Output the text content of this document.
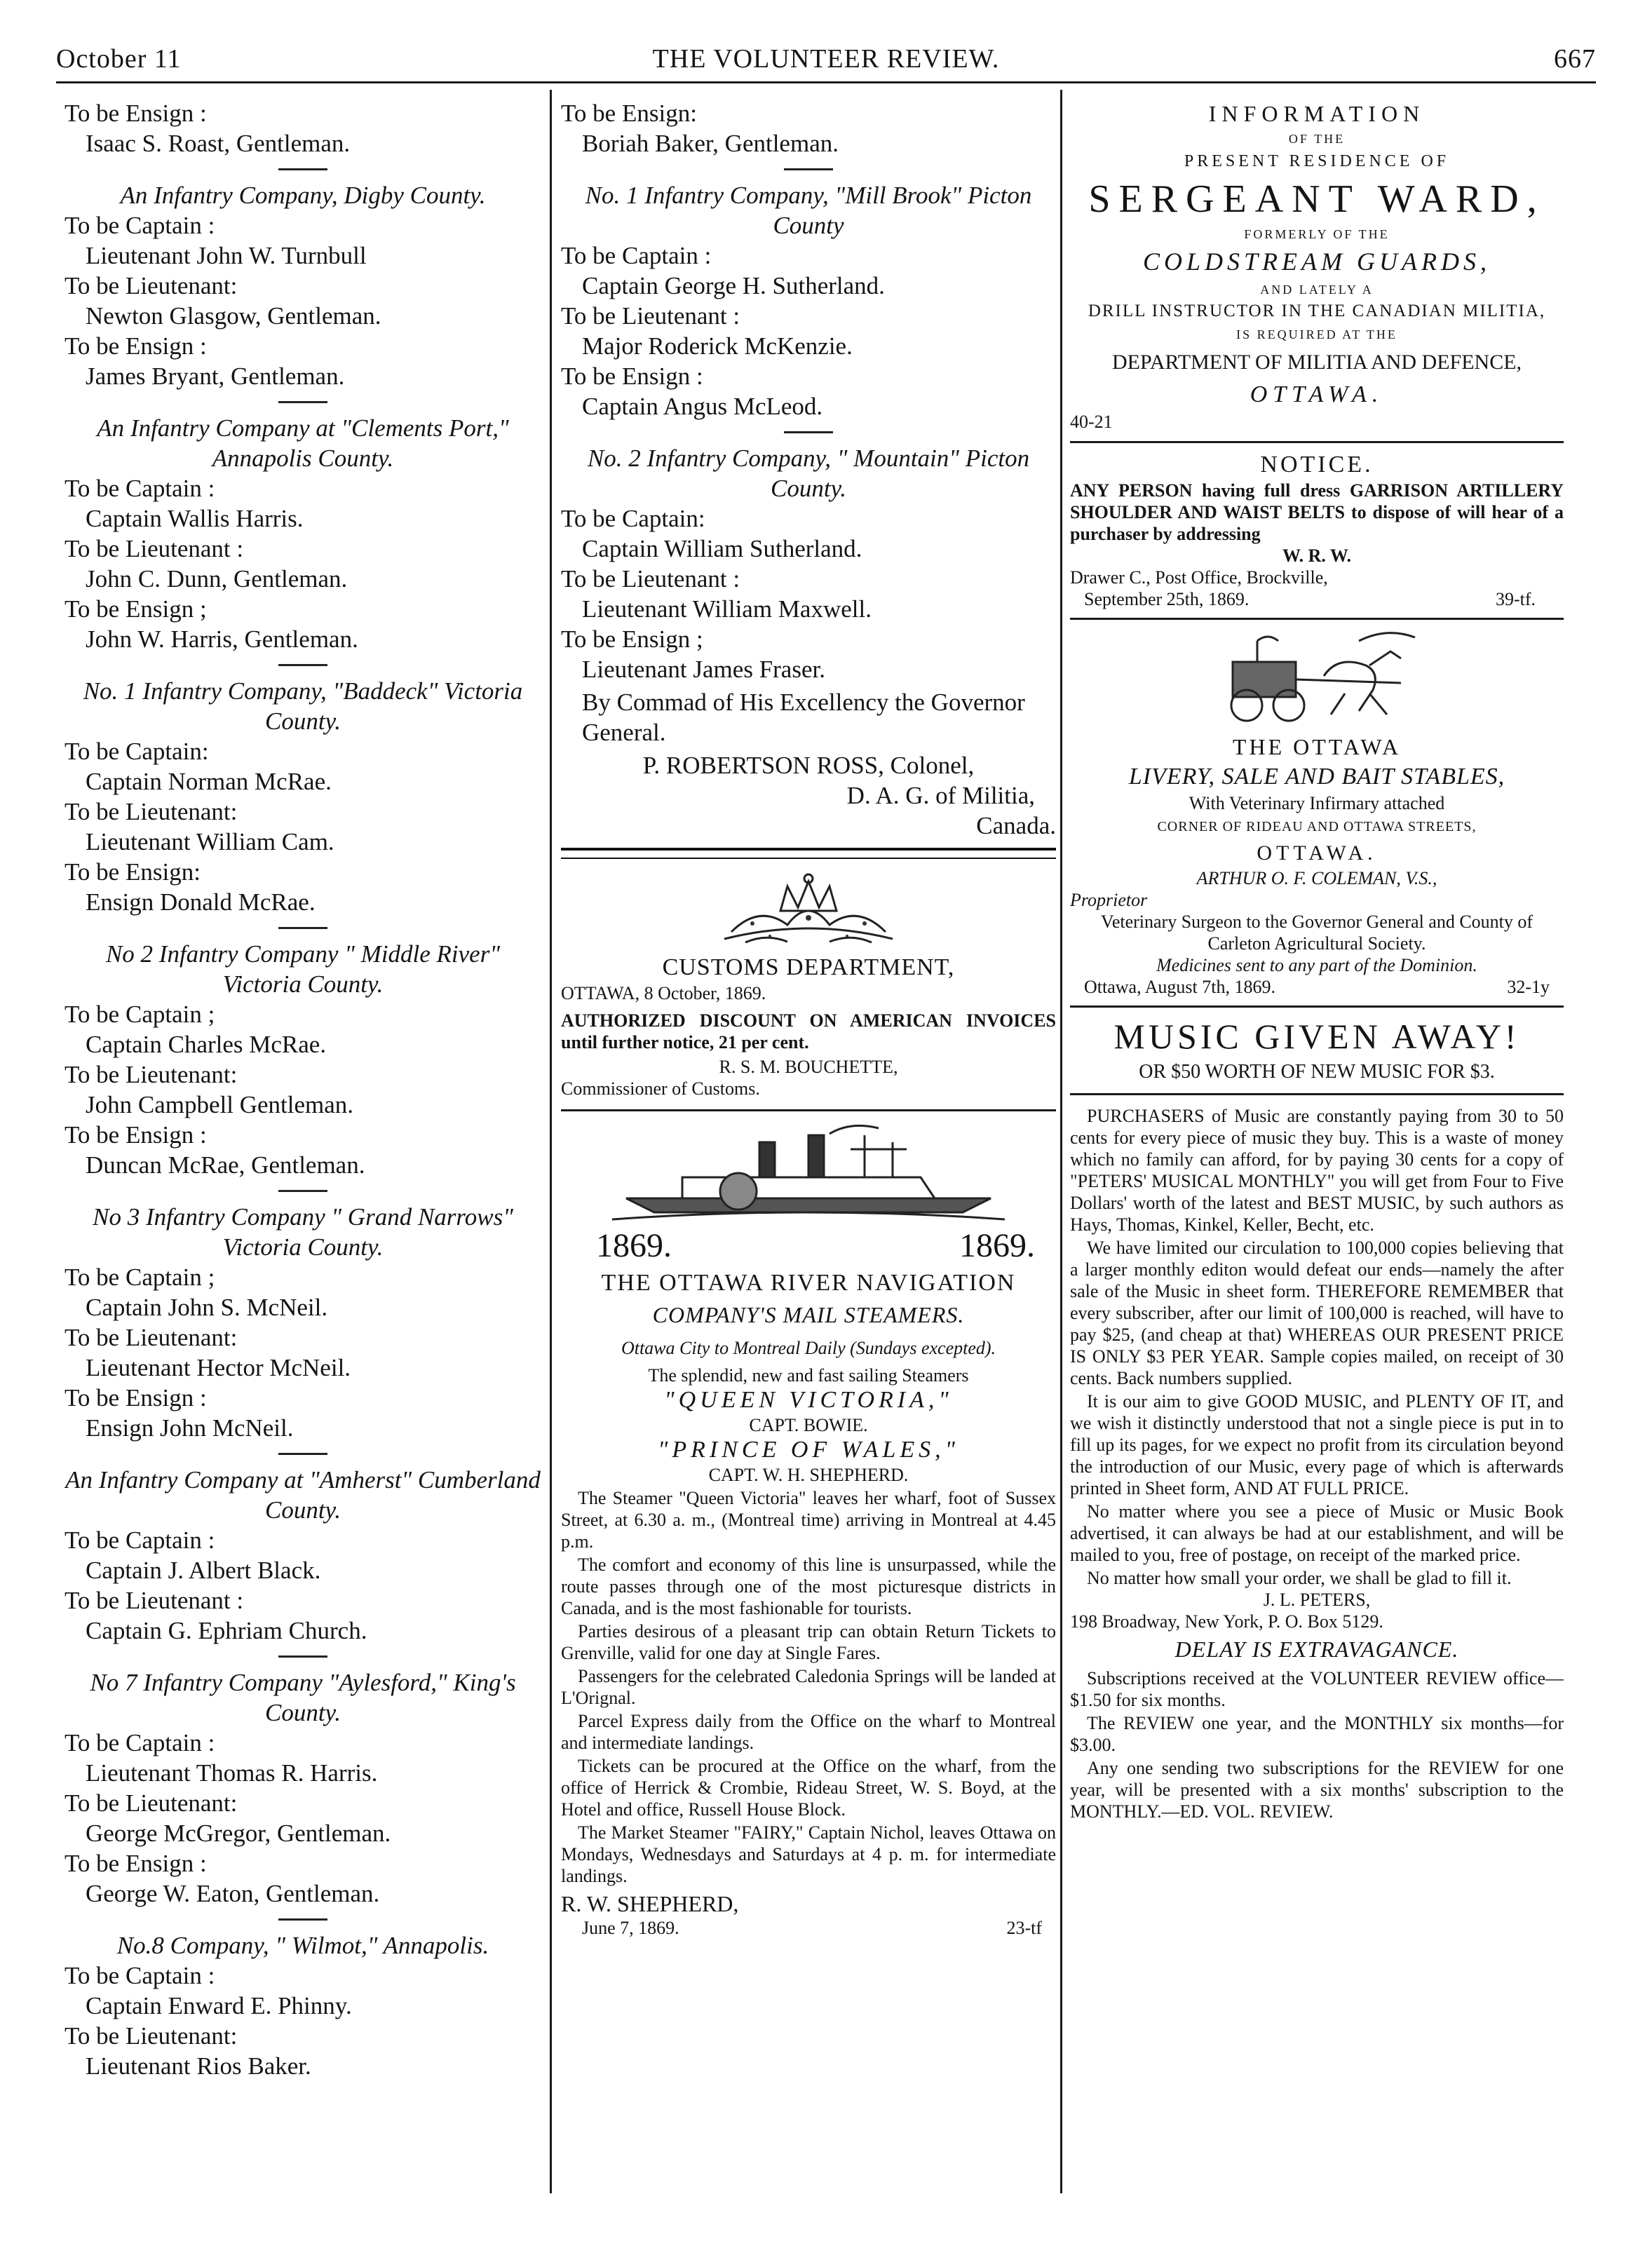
October 11	THE VOLUNTEER REVIEW.	667
To be Ensign :
Isaac S. Roast, Gentleman.
An Infantry Company, Digby County.
To be Captain :
Lieutenant John W. Turnbull
To be Lieutenant:
Newton Glasgow, Gentleman.
To be Ensign :
James Bryant, Gentleman.
An Infantry Company at "Clements Port," Annapolis County.
To be Captain :
Captain Wallis Harris.
To be Lieutenant :
John C. Dunn, Gentleman.
To be Ensign ;
John W. Harris, Gentleman.
No. 1 Infantry Company, "Baddeck" Victoria County.
To be Captain:
Captain Norman McRae.
To be Lieutenant:
Lieutenant William Cam.
To be Ensign:
Ensign Donald McRae.
No 2 Infantry Company " Middle River" Victoria County.
To be Captain ;
Captain Charles McRae.
To be Lieutenant:
John Campbell Gentleman.
To be Ensign :
Duncan McRae, Gentleman.
No 3 Infantry Company " Grand Narrows" Victoria County.
To be Captain ;
Captain John S. McNeil.
To be Lieutenant:
Lieutenant Hector McNeil.
To be Ensign :
Ensign John McNeil.
An Infantry Company at "Amherst" Cumberland County.
To be Captain :
Captain J. Albert Black.
To be Lieutenant :
Captain G. Ephriam Church.
No 7 Infantry Company "Aylesford," King's County.
To be Captain :
Lieutenant Thomas R. Harris.
To be Lieutenant:
George McGregor, Gentleman.
To be Ensign :
George W. Eaton, Gentleman.
No.8 Company, " Wilmot," Annapolis.
To be Captain :
Captain Enward E. Phinny.
To be Lieutenant:
Lieutenant Rios Baker.
To be Ensign:
Boriah Baker, Gentleman.
No. 1 Infantry Company, "Mill Brook" Picton County
To be Captain :
Captain George H. Sutherland.
To be Lieutenant :
Major Roderick McKenzie.
To be Ensign :
Captain Angus McLeod.
No. 2 Infantry Company, " Mountain" Picton County.
To be Captain:
Captain William Sutherland.
To be Lieutenant :
Lieutenant William Maxwell.
To be Ensign ;
Lieutenant James Fraser.
By Commad of His Excellency the Governor General.
P. ROBERTSON ROSS, Colonel,
D. A. G. of Militia,
Canada.
CUSTOMS DEPARTMENT,
OTTAWA, 8 October, 1869.
AUTHORIZED DISCOUNT ON AMERICAN INVOICES until further notice, 21 per cent.
R. S. M. BOUCHETTE,
Commissioner of Customs.
1869.	1869.
THE OTTAWA RIVER NAVIGATION
COMPANY'S MAIL STEAMERS.
Ottawa City to Montreal Daily (Sundays excepted).
The splendid, new and fast sailing Steamers
"QUEEN VICTORIA,"
CAPT. BOWIE.
"PRINCE OF WALES,"
CAPT. W. H. SHEPHERD.

The Steamer "Queen Victoria" leaves her wharf, foot of Sussex Street, at 6.30 a. m., (Montreal time) arriving in Montreal at 4.45 p.m.

The comfort and economy of this line is unsurpassed, while the route passes through one of the most picturesque districts in Canada, and is the most fashionable for tourists.

Parties desirous of a pleasant trip can obtain Return Tickets to Grenville, valid for one day at Single Fares.

Passengers for the celebrated Caledonia Springs will be landed at L'Orignal.

Parcel Express daily from the Office on the wharf to Montreal and intermediate landings.

Tickets can be procured at the Office on the wharf, from the office of Herrick & Crombie, Rideau Street, W. S. Boyd, at the Hotel and office, Russell House Block.

The Market Steamer "FAIRY," Captain Nichol, leaves Ottawa on Mondays, Wednesdays and Saturdays at 4 p. m. for intermediate landings.

R. W. SHEPHERD,
June 7, 1869.	23-tf
INFORMATION
OF THE
PRESENT RESIDENCE OF
SERGEANT WARD,
FORMERLY OF THE
COLDSTREAM GUARDS,
AND LATELY A
DRILL INSTRUCTOR IN THE CANADIAN MILITIA,
IS REQUIRED AT THE
DEPARTMENT OF MILITIA AND DEFENCE,
OTTAWA.
40-21
NOTICE.
ANY PERSON having full dress GARRISON ARTILLERY SHOULDER AND WAIST BELTS to dispose of will hear of a purchaser by addressing
W. R. W.
Drawer C., Post Office, Brockville,
September 25th, 1869.	39-tf.
THE OTTAWA
LIVERY, SALE AND BAIT STABLES,
With Veterinary Infirmary attached
CORNER OF RIDEAU AND OTTAWA STREETS,
OTTAWA.
ARTHUR O. F. COLEMAN, V.S.,
Proprietor
Veterinary Surgeon to the Governor General and County of Carleton Agricultural Society.
Medicines sent to any part of the Dominion.
Ottawa, August 7th, 1869.	32-1y
MUSIC GIVEN AWAY!
OR $50 WORTH OF NEW MUSIC FOR $3.

PURCHASERS of Music are constantly paying from 30 to 50 cents for every piece of music they buy. This is a waste of money which no family can afford, for by paying 30 cents for a copy of "PETERS' MUSICAL MONTHLY" you will get from Four to Five Dollars' worth of the latest and BEST MUSIC, by such authors as Hays, Thomas, Kinkel, Keller, Becht, etc.

We have limited our circulation to 100,000 copies believing that a larger monthly editon would defeat our ends—namely the after sale of the Music in sheet form. THEREFORE REMEMBER that every subscriber, after our limit of 100,000 is reached, will have to pay $25, (and cheap at that) WHEREAS OUR PRESENT PRICE IS ONLY $3 PER YEAR. Sample copies mailed, on receipt of 30 cents. Back numbers supplied.

It is our aim to give GOOD MUSIC, and PLENTY OF IT, and we wish it distinctly understood that not a single piece is put in to fill up its pages, for we expect no profit from its circulation beyond the introduction of our Music, every page of which is afterwards printed in Sheet form, AND AT FULL PRICE.

No matter where you see a piece of Music or Music Book advertised, it can always be had at our establishment, and will be mailed to you, free of postage, on receipt of the marked price.

No matter how small your order, we shall be glad to fill it.

J. L. PETERS,
198 Broadway, New York, P. O. Box 5129.
DELAY IS EXTRAVAGANCE.

Subscriptions received at the VOLUNTEER REVIEW office—$1.50 for six months.

The REVIEW one year, and the MONTHLY six months—for $3.00.

Any one sending two subscriptions for the REVIEW for one year, will be presented with a six months' subscription to the MONTHLY.—ED. VOL. REVIEW.
